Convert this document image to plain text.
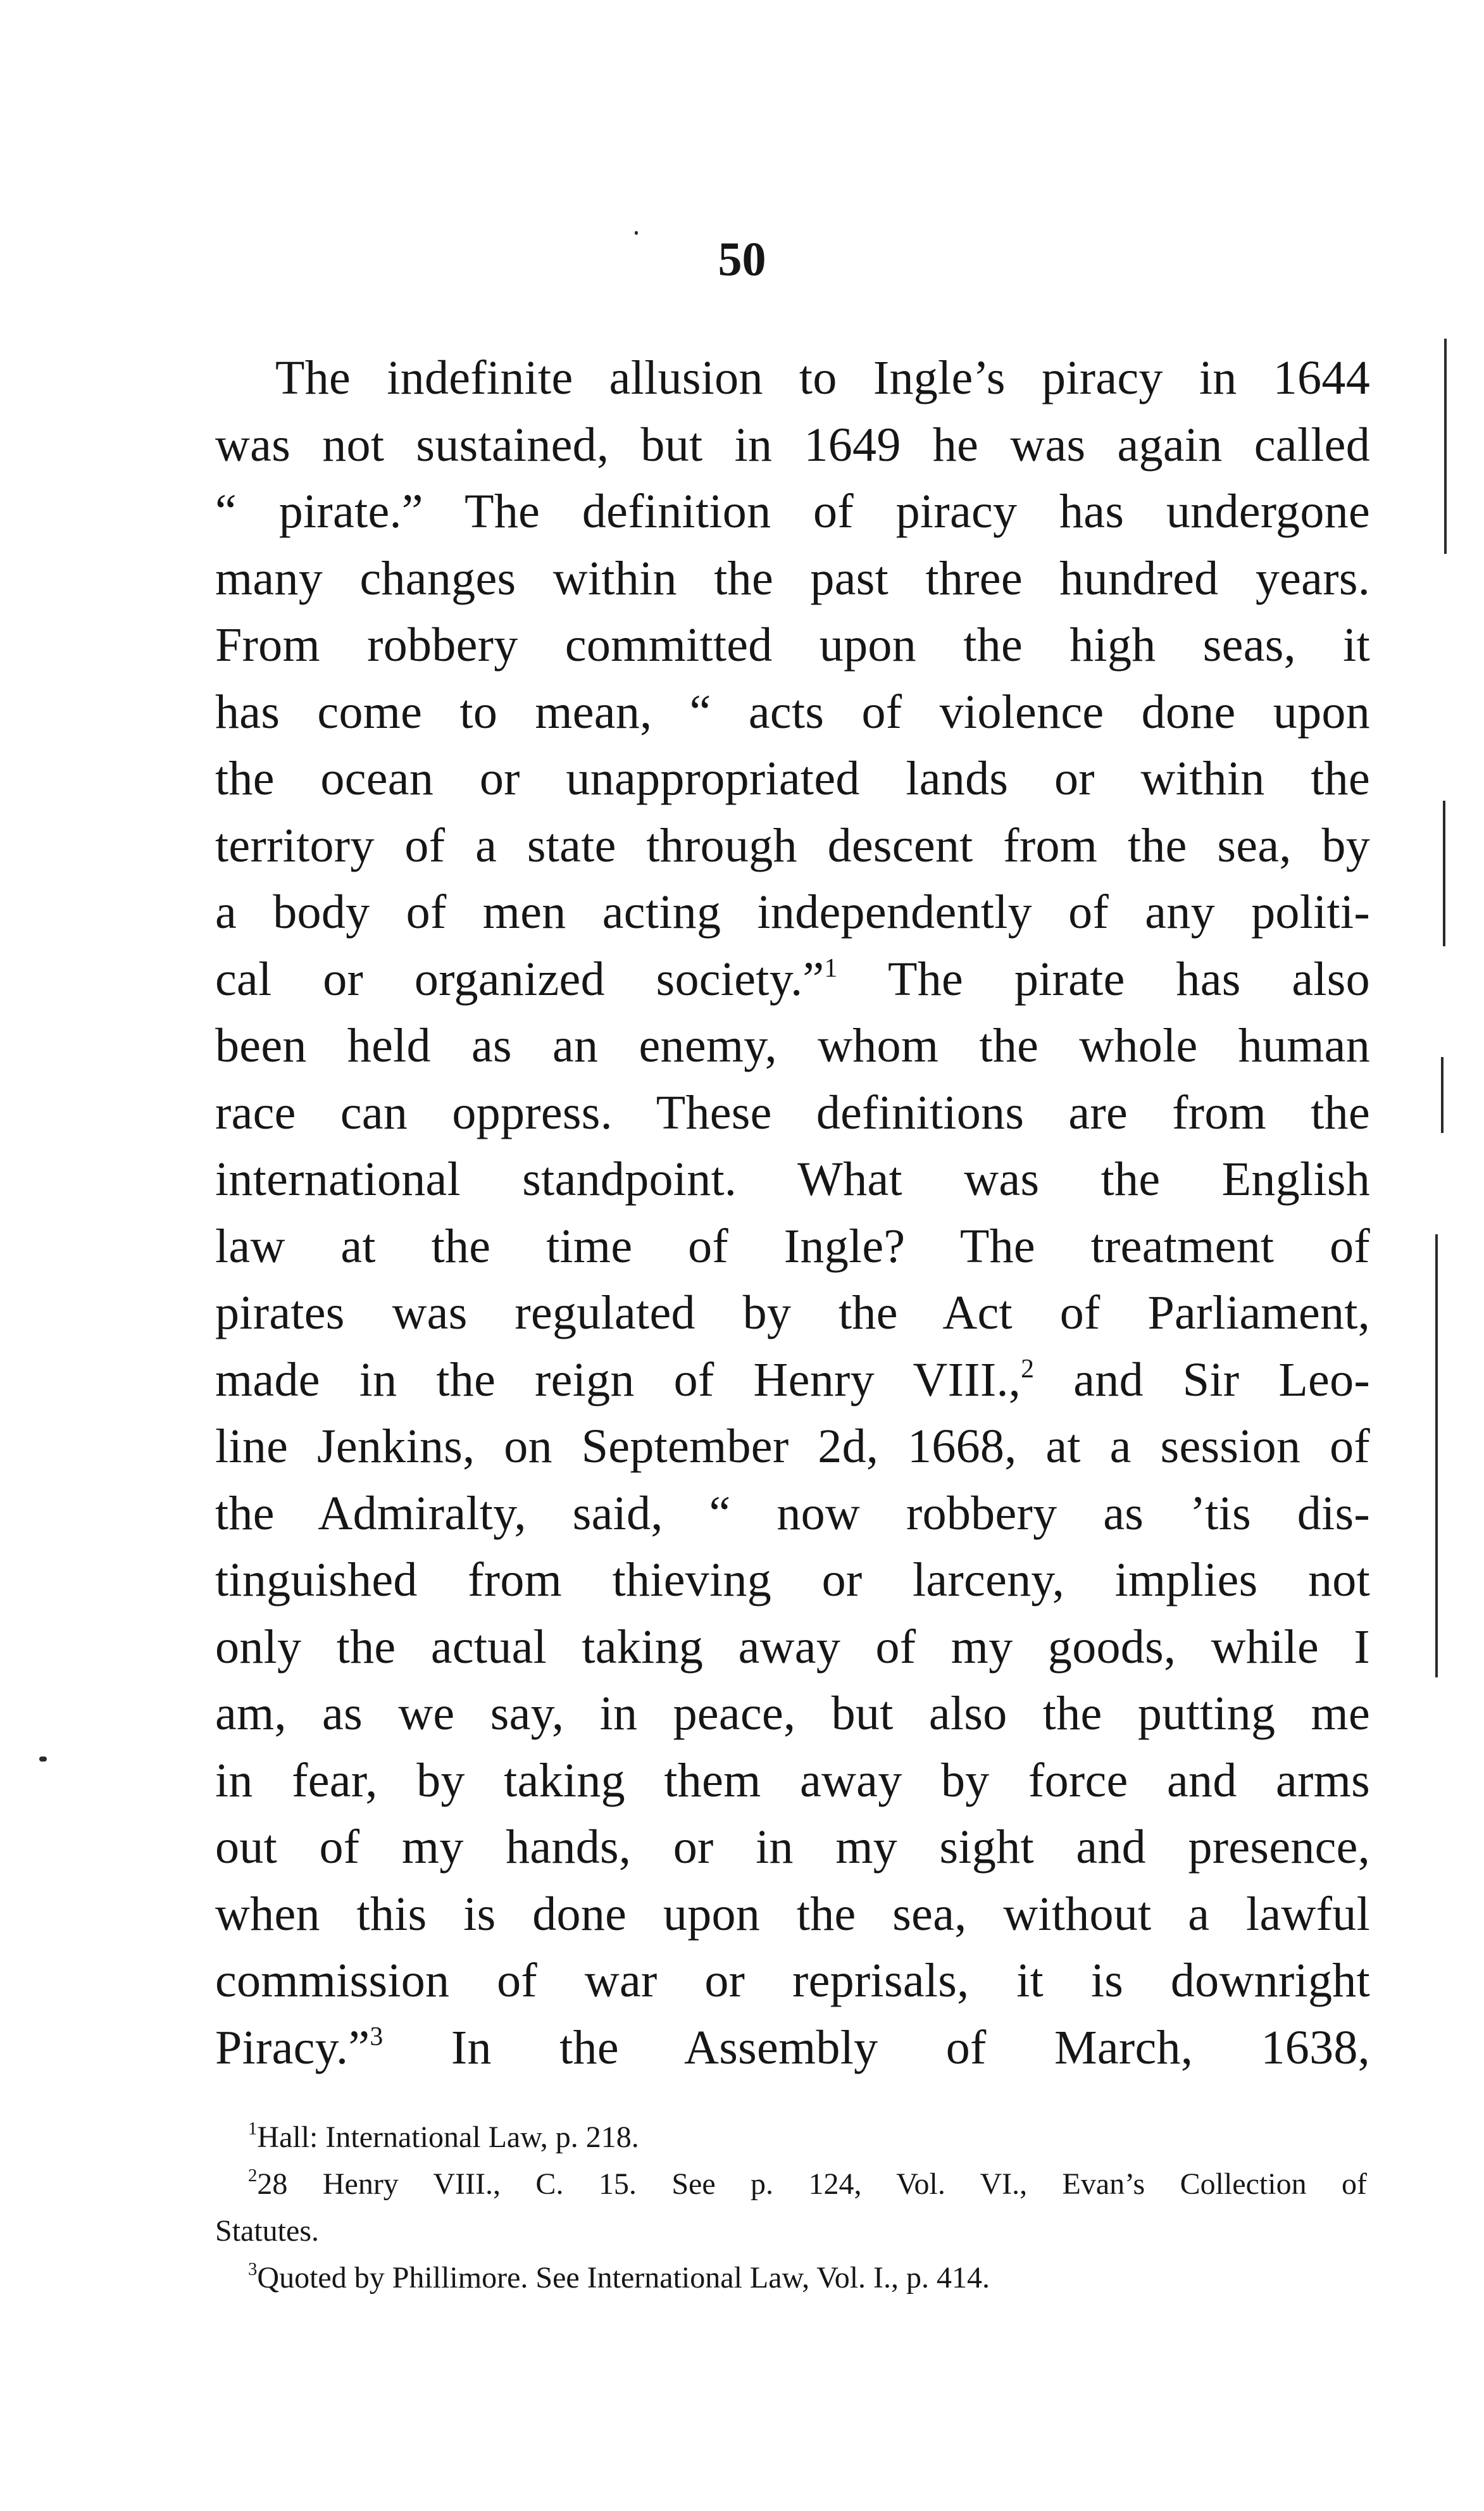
50
The indefinite allusion to Ingle’s piracy in 1644
was not sustained, but in 1649 he was again called
“ pirate.” The definition of piracy has undergone
many changes within the past three hundred years.
From robbery committed upon the high seas, it
has come to mean, “ acts of violence done upon
the ocean or unappropriated lands or within the
territory of a state through descent from the sea, by
a body of men acting independently of any politi-
cal or organized society.”$^1$ The pirate has also
been held as an enemy, whom the whole human
race can oppress. These definitions are from the
international standpoint. What was the English
law at the time of Ingle? The treatment of
pirates was regulated by the Act of Parliament,
made in the reign of Henry VIII.,$^2$ and Sir Leo-
line Jenkins, on September 2d, 1668, at a session of
the Admiralty, said, “ now robbery as ’tis dis-
tinguished from thieving or larceny, implies not
only the actual taking away of my goods, while I
am, as we say, in peace, but also the putting me
in fear, by taking them away by force and arms
out of my hands, or in my sight and presence,
when this is done upon the sea, without a lawful
commission of war or reprisals, it is downright
Piracy.”$^3$ In the Assembly of March, 1638,
$^1$Hall: International Law, p. 218.
$^2$28 Henry VIII., C. 15. See p. 124, Vol. VI., Evan’s Collection of
Statutes.
$^3$Quoted by Phillimore. See International Law, Vol. I., p. 414.
